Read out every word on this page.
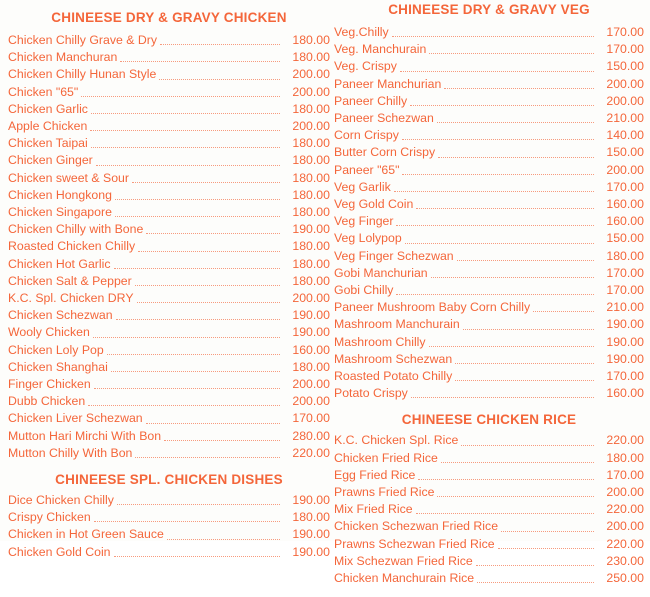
CHINEESE DRY & GRAVY CHICKEN
Chicken Chilly Grave & Dry	180.00
Chicken Manchuran	180.00
Chicken Chilly Hunan Style	200.00
Chicken "65"	200.00
Chicken Garlic	180.00
Apple Chicken	200.00
Chicken Taipai	180.00
Chicken Ginger	180.00
Chicken sweet & Sour	180.00
Chicken Hongkong	180.00
Chicken Singapore	180.00
Chicken Chilly with Bone	190.00
Roasted Chicken Chilly	180.00
Chicken Hot Garlic	180.00
Chicken Salt & Pepper	180.00
K.C. Spl. Chicken DRY	200.00
Chicken Schezwan	190.00
Wooly Chicken	190.00
Chicken Loly Pop	160.00
Chicken Shanghai	180.00
Finger Chicken	200.00
Dubb Chicken	200.00
Chicken Liver Schezwan	170.00
Mutton Hari Mirchi With Bon	280.00
Mutton Chilly With Bon	220.00
CHINEESE SPL. CHICKEN DISHES
Dice Chicken Chilly	190.00
Crispy Chicken	180.00
Chicken in Hot Green Sauce	190.00
Chicken Gold Coin	190.00
CHINEESE DRY & GRAVY VEG
Veg.Chilly	170.00
Veg. Manchurain	170.00
Veg. Crispy	150.00
Paneer Manchurian	200.00
Paneer Chilly	200.00
Paneer Schezwan	210.00
Corn Crispy	140.00
Butter Corn Crispy	150.00
Paneer "65"	200.00
Veg Garlik	170.00
Veg Gold Coin	160.00
Veg Finger	160.00
Veg Lolypop	150.00
Veg Finger Schezwan	180.00
Gobi Manchurian	170.00
Gobi Chilly	170.00
Paneer Mushroom Baby Corn Chilly	210.00
Mashroom Manchurain	190.00
Mashroom Chilly	190.00
Mashroom Schezwan	190.00
Roasted Potato Chilly	170.00
Potato Crispy	160.00
CHINEESE CHICKEN RICE
K.C. Chicken Spl. Rice	220.00
Chicken Fried Rice	180.00
Egg Fried Rice	170.00
Prawns Fried Rice	200.00
Mix Fried Rice	220.00
Chicken Schezwan Fried Rice	200.00
Prawns Schezwan Fried Rice	220.00
Mix Schezwan Fried Rice	230.00
Chicken Manchurain Rice	250.00
